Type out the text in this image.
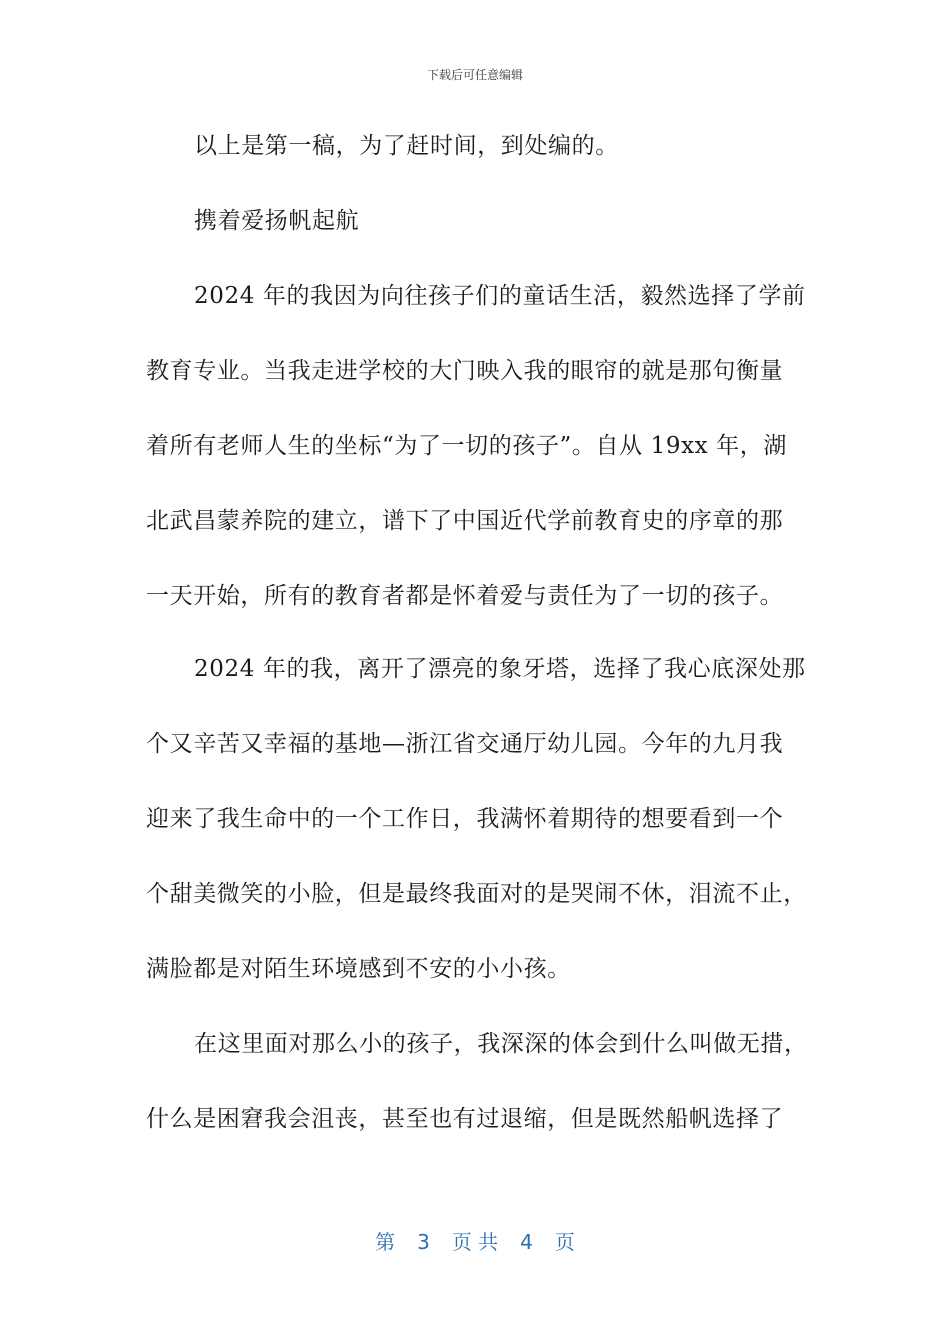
下载后可任意编辑
以上是第一稿，为了赶时间，到处编的。
携着爱扬帆起航
2024 年的我因为向往孩子们的童话生活，毅然选择了学前
教育专业。当我走进学校的大门映入我的眼帘的就是那句衡量
着所有老师人生的坐标“为了一切的孩子”。自从 19xx 年，湖
北武昌蒙养院的建立，谱下了中国近代学前教育史的序章的那
一天开始，所有的教育者都是怀着爱与责任为了一切的孩子。
2024 年的我，离开了漂亮的象牙塔，选择了我心底深处那
个又辛苦又幸福的基地—浙江省交通厅幼儿园。今年的九月我
迎来了我生命中的一个工作日，我满怀着期待的想要看到一个
个甜美微笑的小脸，但是最终我面对的是哭闹不休，泪流不止，
满脸都是对陌生环境感到不安的小小孩。
在这里面对那么小的孩子，我深深的体会到什么叫做无措，
什么是困窘我会沮丧，甚至也有过退缩，但是既然船帆选择了
第 3 页 共 4 页
